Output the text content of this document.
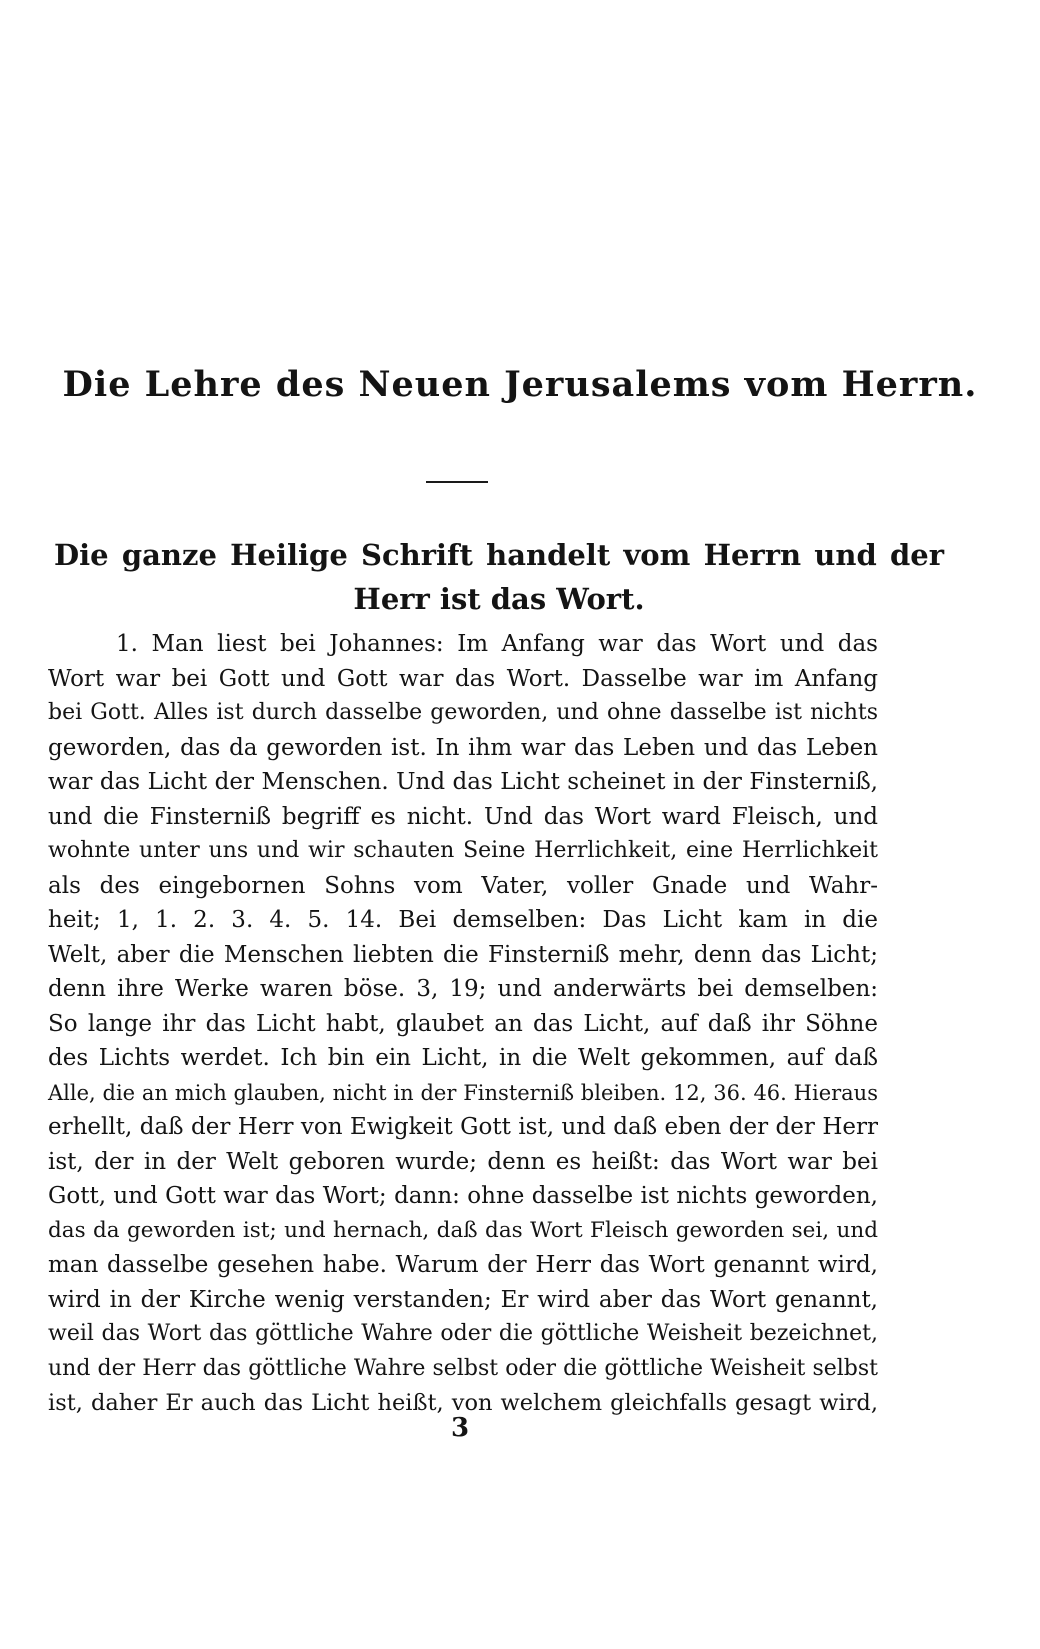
Die Lehre des Neuen Jerusalems vom Herrn.
Die ganze Heilige Schrift handelt vom Herrn und der
Herr ist das Wort.

1. Man liest bei Johannes: Im Anfang war das Wort und das
Wort war bei Gott und Gott war das Wort. Dasselbe war im Anfang
bei Gott. Alles ist durch dasselbe geworden, und ohne dasselbe ist nichts
geworden, das da geworden ist. In ihm war das Leben und das Leben
war das Licht der Menschen. Und das Licht scheinet in der Finsterniß,
und die Finsterniß begriff es nicht. Und das Wort ward Fleisch, und
wohnte unter uns und wir schauten Seine Herrlichkeit, eine Herrlichkeit
als des eingebornen Sohns vom Vater, voller Gnade und Wahr-
heit; 1, 1. 2. 3. 4. 5. 14. Bei demselben: Das Licht kam in die
Welt, aber die Menschen liebten die Finsterniß mehr, denn das Licht;
denn ihre Werke waren böse. 3, 19; und anderwärts bei demselben:
So lange ihr das Licht habt, glaubet an das Licht, auf daß ihr Söhne
des Lichts werdet. Ich bin ein Licht, in die Welt gekommen, auf daß
Alle, die an mich glauben, nicht in der Finsterniß bleiben. 12, 36. 46. Hieraus
erhellt, daß der Herr von Ewigkeit Gott ist, und daß eben der der Herr
ist, der in der Welt geboren wurde; denn es heißt: das Wort war bei
Gott, und Gott war das Wort; dann: ohne dasselbe ist nichts geworden,
das da geworden ist; und hernach, daß das Wort Fleisch geworden sei, und
man dasselbe gesehen habe. Warum der Herr das Wort genannt wird,
wird in der Kirche wenig verstanden; Er wird aber das Wort genannt,
weil das Wort das göttliche Wahre oder die göttliche Weisheit bezeichnet,
und der Herr das göttliche Wahre selbst oder die göttliche Weisheit selbst
ist, daher Er auch das Licht heißt, von welchem gleichfalls gesagt wird,

3
